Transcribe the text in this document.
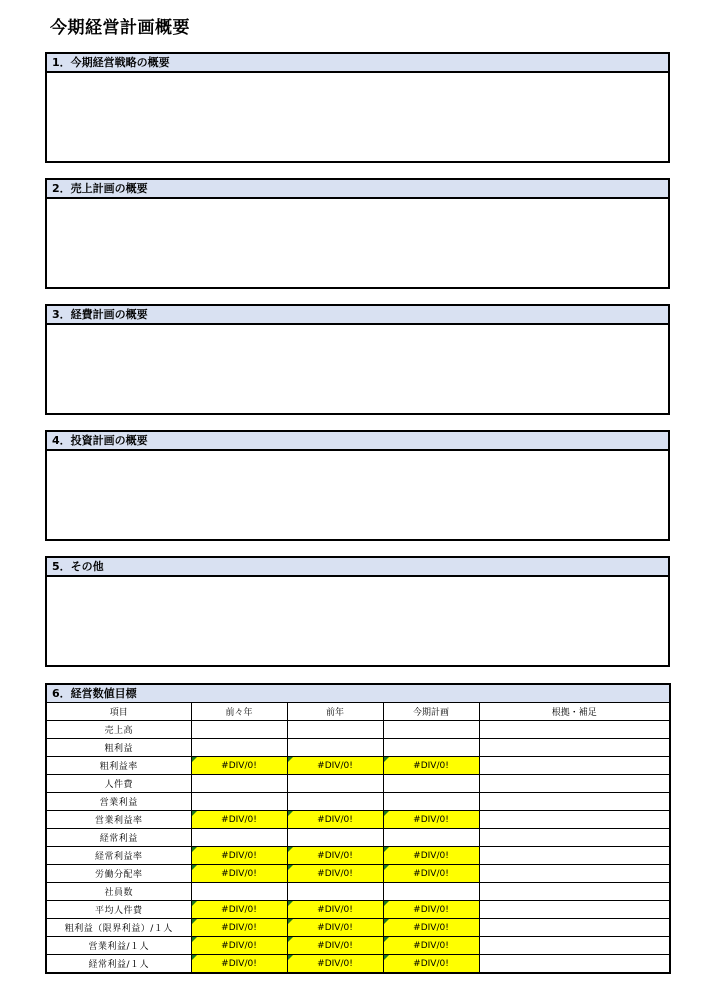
今期経営計画概要
1．今期経営戦略の概要
2．売上計画の概要
3．経費計画の概要
4．投資計画の概要
5．その他
6．経営数値目標
項目	前々年	前年	今期計画	根拠・補足
売上高				
粗利益				
粗利益率	#DIV/0!	#DIV/0!	#DIV/0!	
人件費				
営業利益				
営業利益率	#DIV/0!	#DIV/0!	#DIV/0!	
経常利益				
経常利益率	#DIV/0!	#DIV/0!	#DIV/0!	
労働分配率	#DIV/0!	#DIV/0!	#DIV/0!	
社員数				
平均人件費	#DIV/0!	#DIV/0!	#DIV/0!	
粗利益（限界利益）/１人	#DIV/0!	#DIV/0!	#DIV/0!	
営業利益/１人	#DIV/0!	#DIV/0!	#DIV/0!	
経常利益/１人	#DIV/0!	#DIV/0!	#DIV/0!	
